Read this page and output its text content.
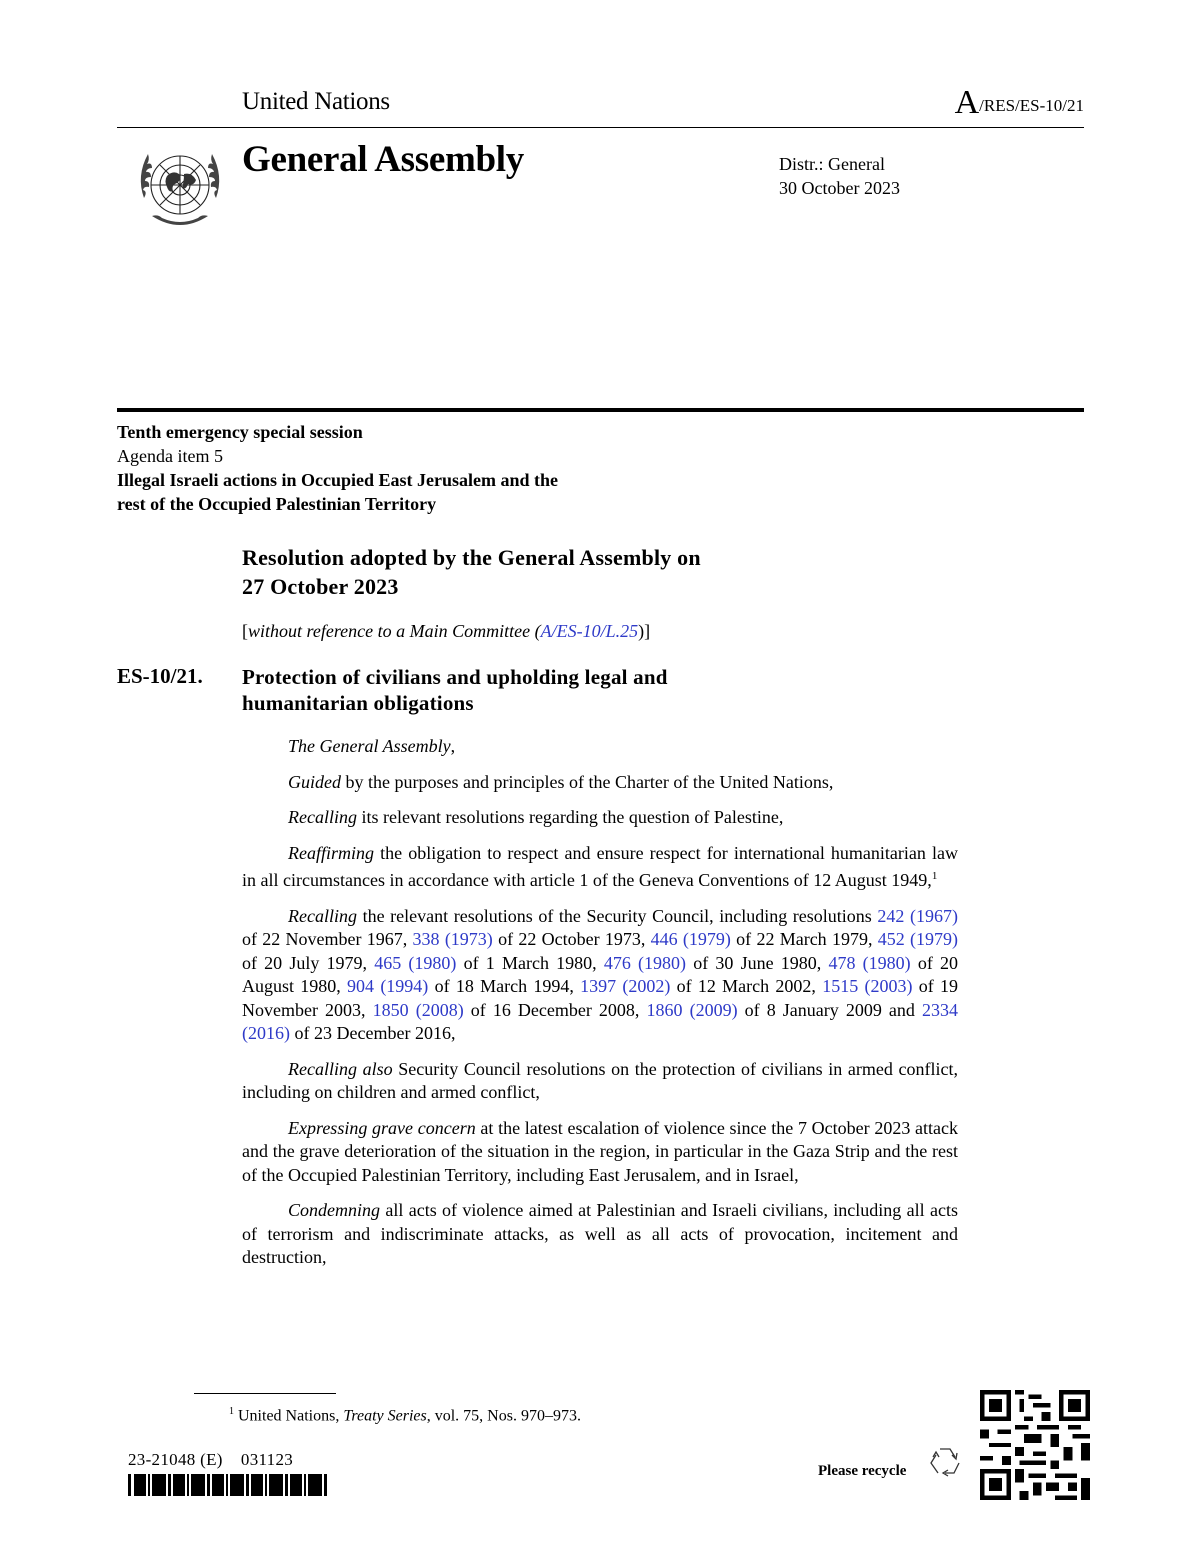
United Nations	A/RES/ES-10/21
General Assembly	Distr.: General
30 October 2023
Tenth emergency special session
Agenda item 5
Illegal Israeli actions in Occupied East Jerusalem and the
rest of the Occupied Palestinian Territory
Resolution adopted by the General Assembly on
27 October 2023
[without reference to a Main Committee (A/ES-10/L.25)]
ES-10/21. Protection of civilians and upholding legal and
humanitarian obligations

The General Assembly,

Guided by the purposes and principles of the Charter of the United Nations,

Recalling its relevant resolutions regarding the question of Palestine,

Reaffirming the obligation to respect and ensure respect for international humanitarian law in all circumstances in accordance with article 1 of the Geneva Conventions of 12 August 1949,$^1$

Recalling the relevant resolutions of the Security Council, including resolutions 242 (1967) of 22 November 1967, 338 (1973) of 22 October 1973, 446 (1979) of 22 March 1979, 452 (1979) of 20 July 1979, 465 (1980) of 1 March 1980, 476 (1980) of 30 June 1980, 478 (1980) of 20 August 1980, 904 (1994) of 18 March 1994, 1397 (2002) of 12 March 2002, 1515 (2003) of 19 November 2003, 1850 (2008) of 16 December 2008, 1860 (2009) of 8 January 2009 and 2334 (2016) of 23 December 2016,

Recalling also Security Council resolutions on the protection of civilians in armed conflict, including on children and armed conflict,

Expressing grave concern at the latest escalation of violence since the 7 October 2023 attack and the grave deterioration of the situation in the region, in particular in the Gaza Strip and the rest of the Occupied Palestinian Territory, including East Jerusalem, and in Israel,

Condemning all acts of violence aimed at Palestinian and Israeli civilians, including all acts of terrorism and indiscriminate attacks, as well as all acts of provocation, incitement and destruction,

$^1$ United Nations, Treaty Series, vol. 75, Nos. 970–973.
23-21048 (E)    031123
Please recycle
